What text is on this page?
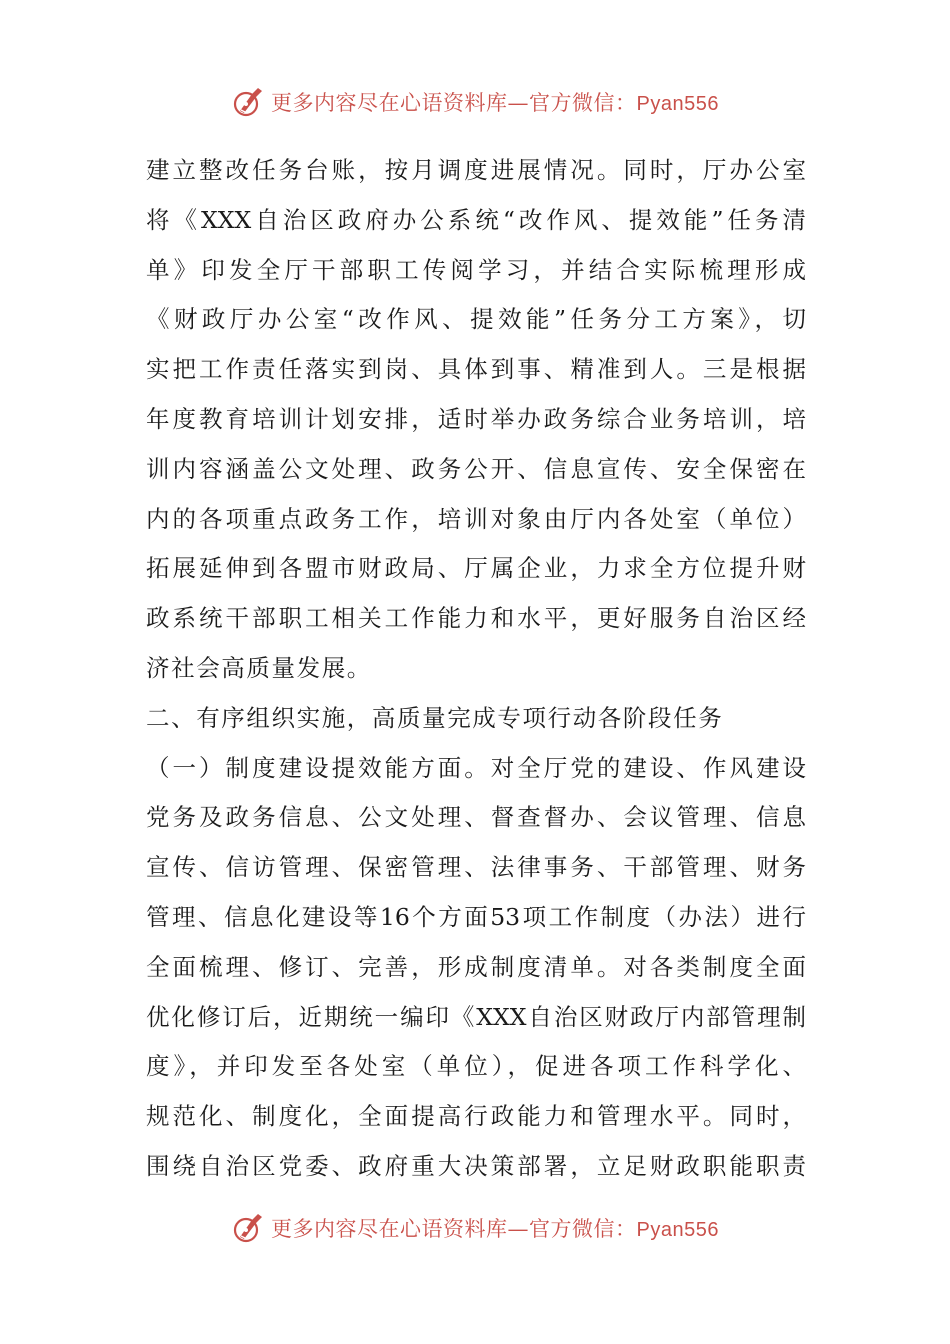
更多内容尽在心语资料库—官方微信：Pyan556
建立整改任务台账，按月调度进展情况。同时，厅办公室
将《XXX自治区政府办公系统“改作风、提效能”任务清
单》印发全厅干部职工传阅学习，并结合实际梳理形成
《财政厅办公室“改作风、提效能”任务分工方案》，切
实把工作责任落实到岗、具体到事、精准到人。三是根据
年度教育培训计划安排，适时举办政务综合业务培训，培
训内容涵盖公文处理、政务公开、信息宣传、安全保密在
内的各项重点政务工作，培训对象由厅内各处室（单位）
拓展延伸到各盟市财政局、厅属企业，力求全方位提升财
政系统干部职工相关工作能力和水平，更好服务自治区经
济社会高质量发展。
二、有序组织实施，高质量完成专项行动各阶段任务
（一）制度建设提效能方面。对全厅党的建设、作风建设
党务及政务信息、公文处理、督查督办、会议管理、信息
宣传、信访管理、保密管理、法律事务、干部管理、财务
管理、信息化建设等16个方面53项工作制度（办法）进行
全面梳理、修订、完善，形成制度清单。对各类制度全面
优化修订后，近期统一编印《XXX自治区财政厅内部管理制
度》，并印发至各处室（单位），促进各项工作科学化、
规范化、制度化，全面提高行政能力和管理水平。同时，
围绕自治区党委、政府重大决策部署，立足财政职能职责
更多内容尽在心语资料库—官方微信：Pyan556
